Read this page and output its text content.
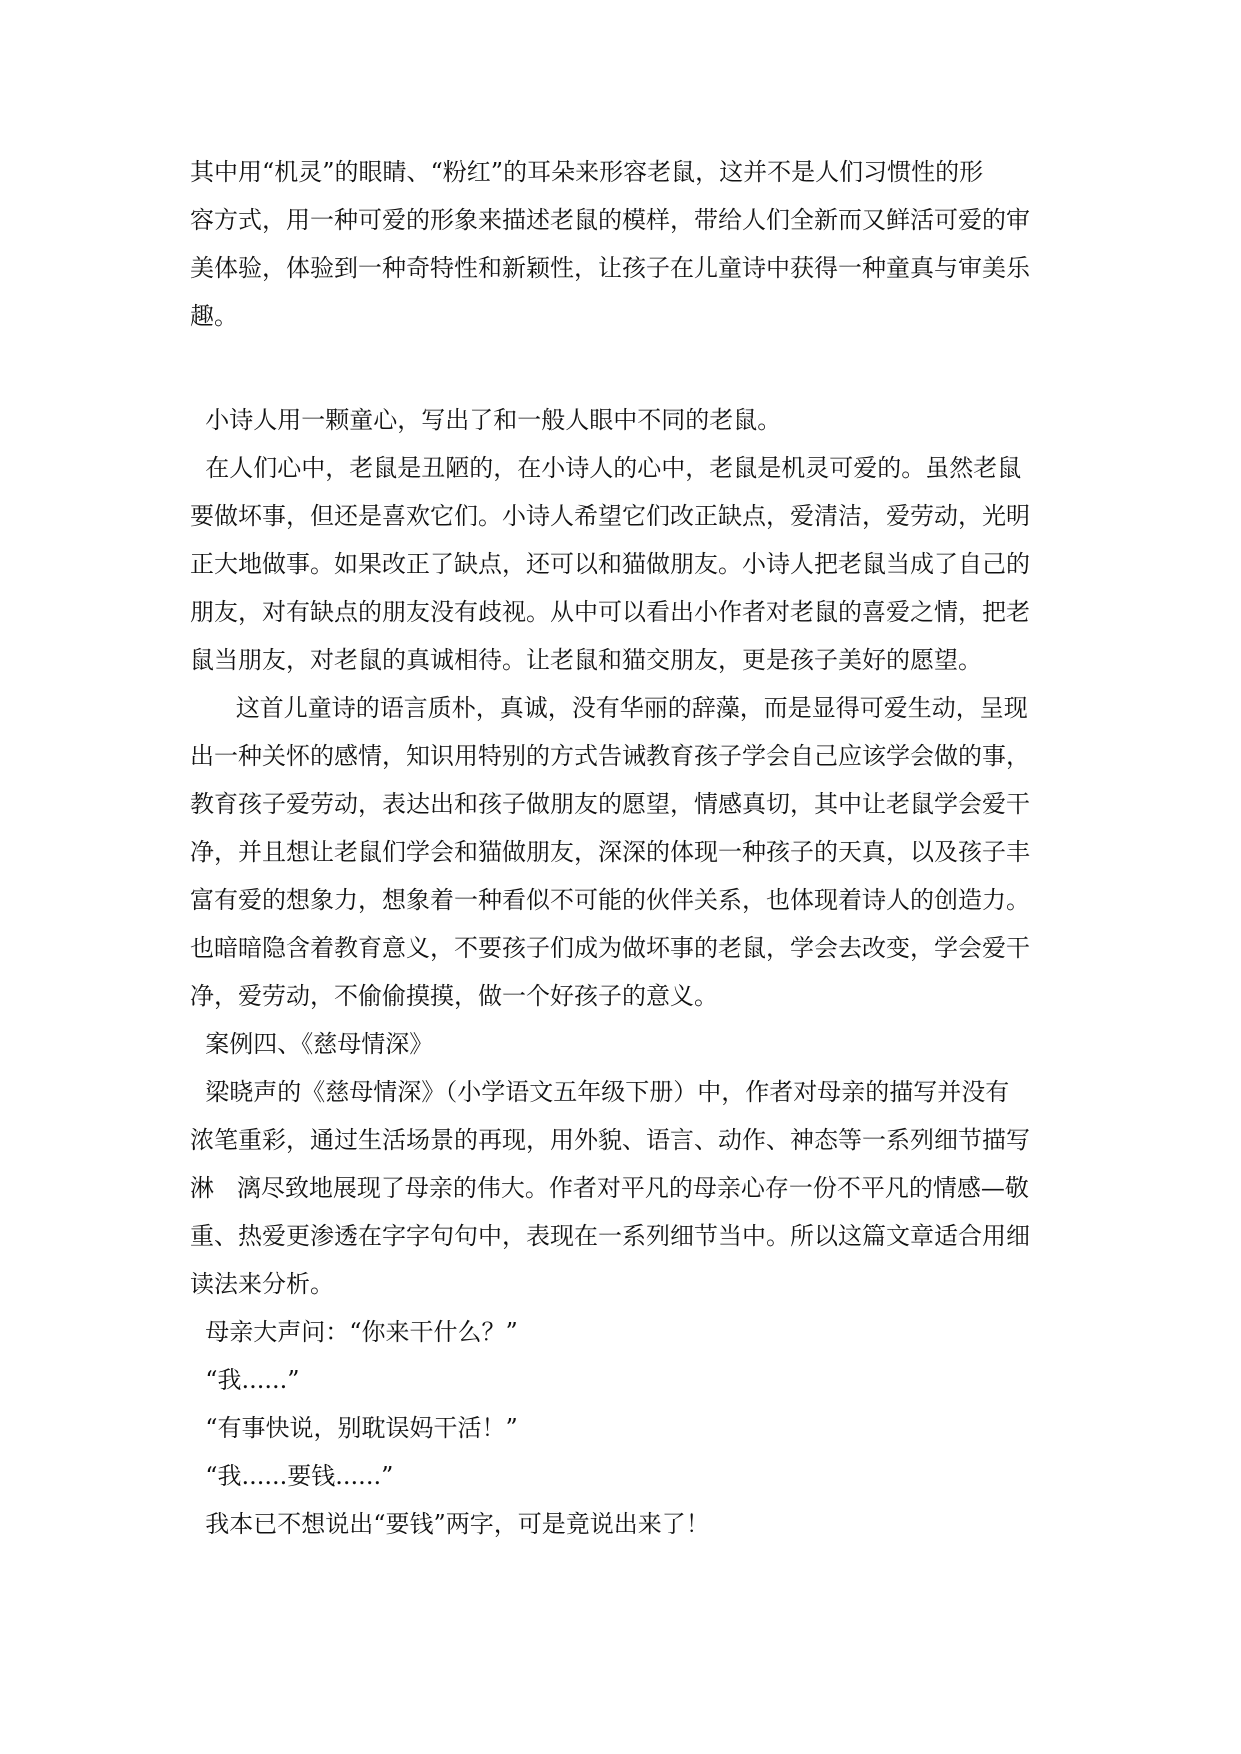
其中用“机灵”的眼睛、“粉红”的耳朵来形容老鼠，这并不是人们习惯性的形
容方式，用一种可爱的形象来描述老鼠的模样，带给人们全新而又鲜活可爱的审
美体验，体验到一种奇特性和新颖性，让孩子在儿童诗中获得一种童真与审美乐
趣。
小诗人用一颗童心，写出了和一般人眼中不同的老鼠。
在人们心中，老鼠是丑陋的，在小诗人的心中，老鼠是机灵可爱的。虽然老鼠
要做坏事，但还是喜欢它们。小诗人希望它们改正缺点，爱清洁，爱劳动，光明
正大地做事。如果改正了缺点，还可以和猫做朋友。小诗人把老鼠当成了自己的
朋友，对有缺点的朋友没有歧视。从中可以看出小作者对老鼠的喜爱之情，把老
鼠当朋友，对老鼠的真诚相待。让老鼠和猫交朋友，更是孩子美好的愿望。
这首儿童诗的语言质朴，真诚，没有华丽的辞藻，而是显得可爱生动，呈现
出一种关怀的感情，知识用特别的方式告诫教育孩子学会自己应该学会做的事，
教育孩子爱劳动，表达出和孩子做朋友的愿望，情感真切，其中让老鼠学会爱干
净，并且想让老鼠们学会和猫做朋友，深深的体现一种孩子的天真，以及孩子丰
富有爱的想象力，想象着一种看似不可能的伙伴关系，也体现着诗人的创造力。
也暗暗隐含着教育意义，不要孩子们成为做坏事的老鼠，学会去改变，学会爱干
净，爱劳动，不偷偷摸摸，做一个好孩子的意义。
案例四、《慈母情深》
梁晓声的《慈母情深》（小学语文五年级下册）中，作者对母亲的描写并没有
浓笔重彩，通过生活场景的再现，用外貌、语言、动作、神态等一系列细节描写
淋   漓尽致地展现了母亲的伟大。作者对平凡的母亲心存一份不平凡的情感—敬
重、热爱更渗透在字字句句中，表现在一系列细节当中。所以这篇文章适合用细
读法来分析。
母亲大声问：“你来干什么？”
“我......”
“有事快说，别耽误妈干活！”
“我......要钱......”
我本已不想说出“要钱”两字，可是竟说出来了！
